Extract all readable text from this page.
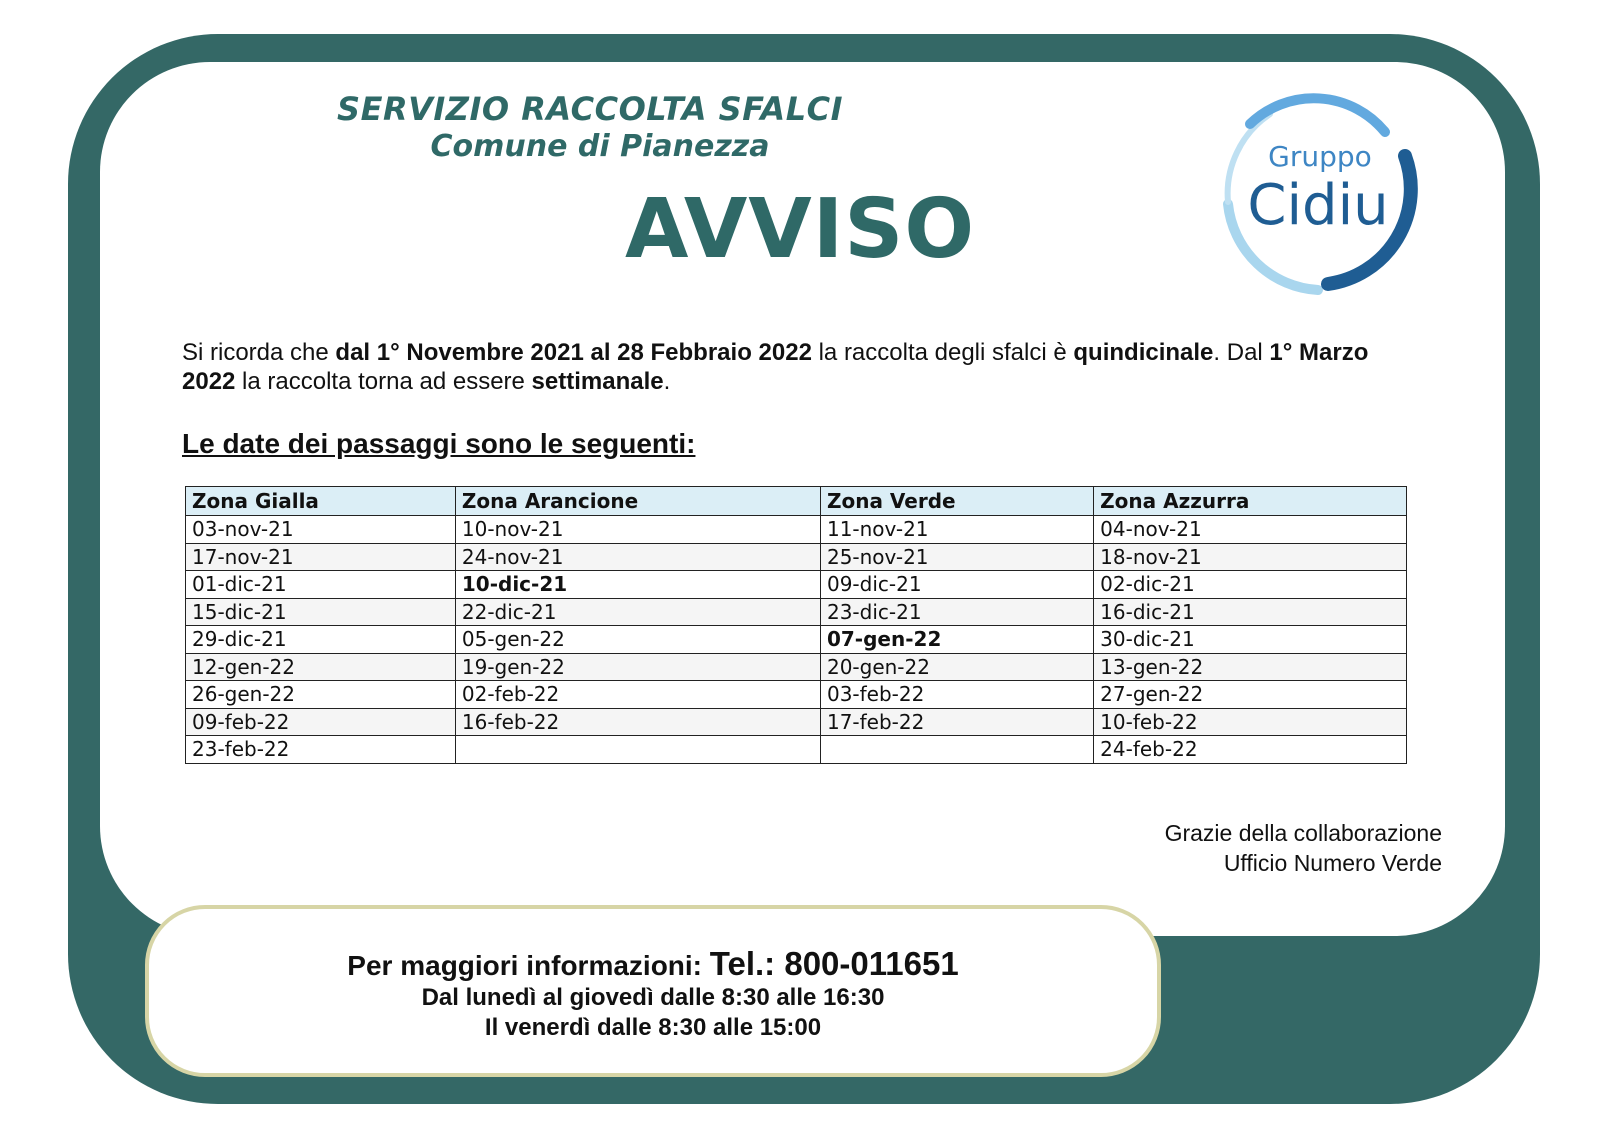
SERVIZIO RACCOLTA SFALCI
Comune di Pianezza
AVVISO
Gruppo
Cidiu
Si ricorda che dal 1° Novembre 2021 al 28 Febbraio 2022 la raccolta degli sfalci è quindicinale. Dal 1° Marzo 2022 la raccolta torna ad essere settimanale.
Le date dei passaggi sono le seguenti:
Zona Gialla	Zona Arancione	Zona Verde	Zona Azzurra
03-nov-21	10-nov-21	11-nov-21	04-nov-21
17-nov-21	24-nov-21	25-nov-21	18-nov-21
01-dic-21	10-dic-21	09-dic-21	02-dic-21
15-dic-21	22-dic-21	23-dic-21	16-dic-21
29-dic-21	05-gen-22	07-gen-22	30-dic-21
12-gen-22	19-gen-22	20-gen-22	13-gen-22
26-gen-22	02-feb-22	03-feb-22	27-gen-22
09-feb-22	16-feb-22	17-feb-22	10-feb-22
23-feb-22			24-feb-22
Grazie della collaborazione
Ufficio Numero Verde
Per maggiori informazioni: Tel.: 800-011651
Dal lunedì al giovedì dalle 8:30 alle 16:30
Il venerdì dalle 8:30 alle 15:00
